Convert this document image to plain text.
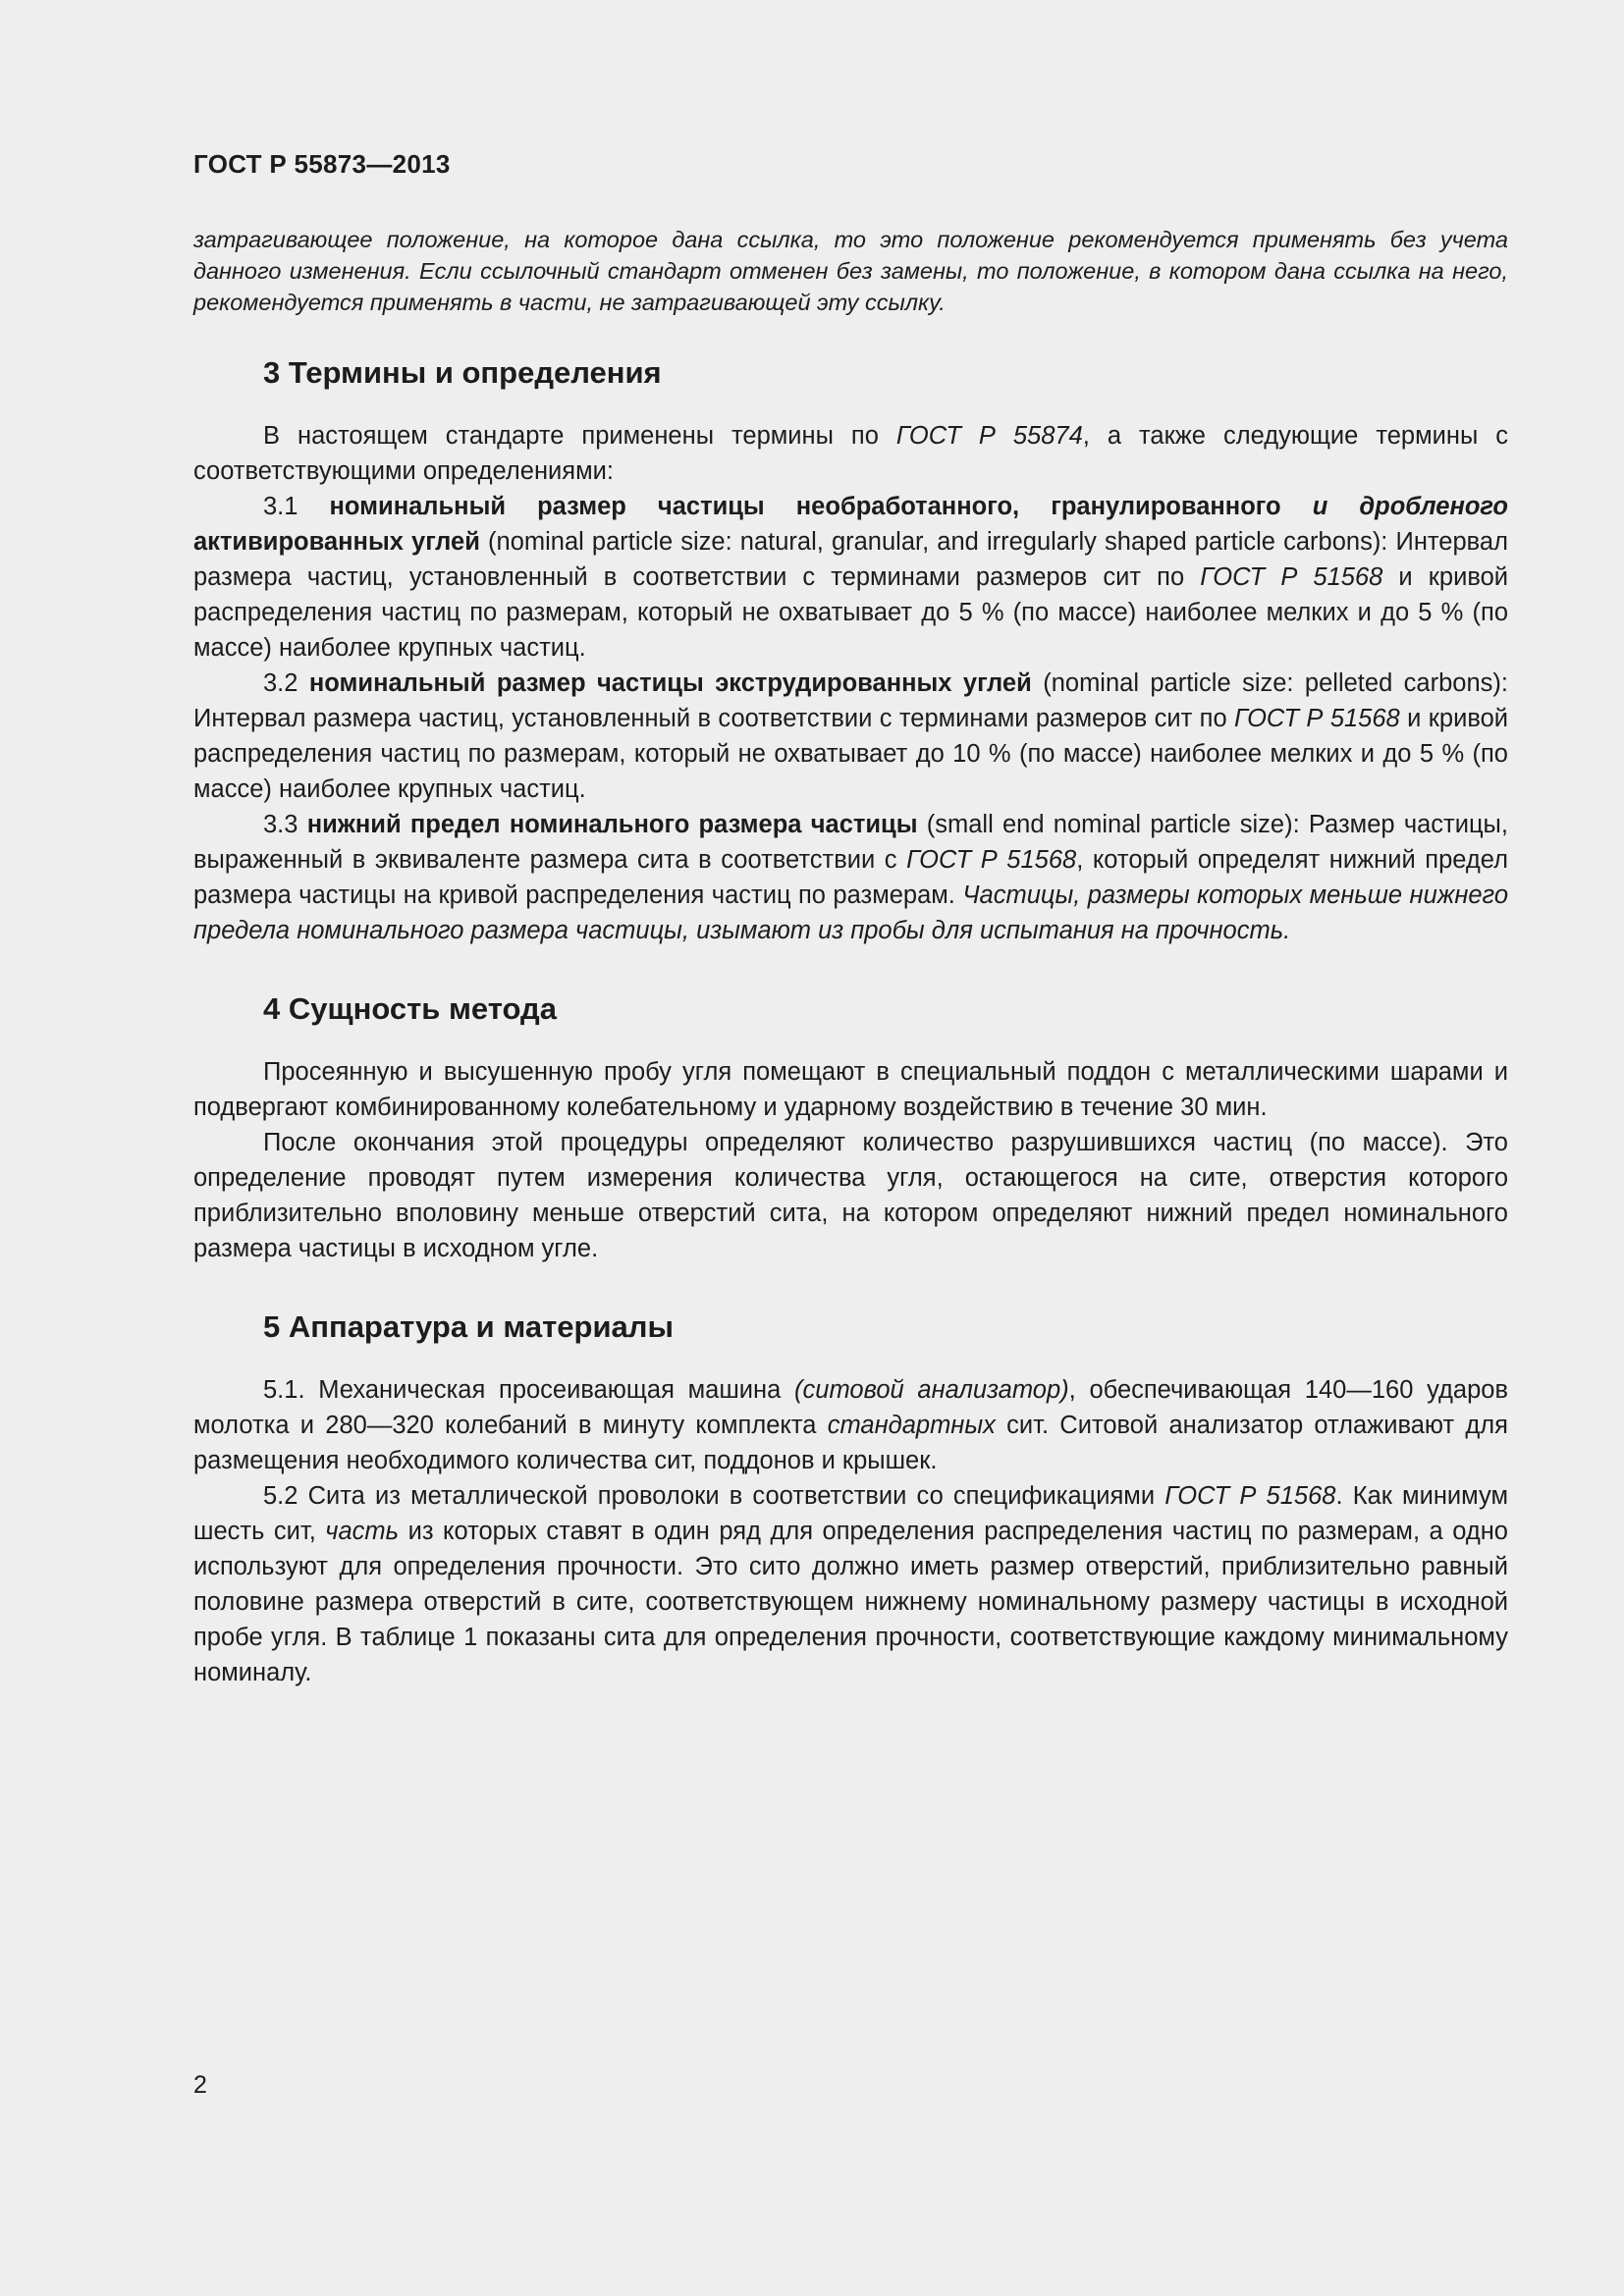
ГОСТ Р 55873—2013

затрагивающее положение, на которое дана ссылка, то это положение рекомендуется применять без учета данного изменения. Если ссылочный стандарт отменен без замены, то положение, в котором дана ссылка на него, рекомендуется применять в части, не затрагивающей эту ссылку.

3 Термины и определения

В настоящем стандарте применены термины по ГОСТ Р 55874, а также следующие термины с соответствующими определениями:

3.1 номинальный размер частицы необработанного, гранулированного и дробленого активированных углей (nominal particle size: natural, granular, and irregularly shaped particle carbons): Интервал размера частиц, установленный в соответствии с терминами размеров сит по ГОСТ Р 51568 и кривой распределения частиц по размерам, который не охватывает до 5 % (по массе) наиболее мелких и до 5 % (по массе) наиболее крупных частиц.

3.2 номинальный размер частицы экструдированных углей (nominal particle size: pelleted carbons): Интервал размера частиц, установленный в соответствии с терминами размеров сит по ГОСТ Р 51568 и кривой распределения частиц по размерам, который не охватывает до 10 % (по массе) наиболее мелких и до 5 % (по массе) наиболее крупных частиц.

3.3 нижний предел номинального размера частицы (small end nominal particle size): Размер частицы, выраженный в эквиваленте размера сита в соответствии с ГОСТ Р 51568, который определят нижний предел размера частицы на кривой распределения частиц по размерам. Частицы, размеры которых меньше нижнего предела номинального размера частицы, изымают из пробы для испытания на прочность.

4 Сущность метода

Просеянную и высушенную пробу угля помещают в специальный поддон с металлическими шарами и подвергают комбинированному колебательному и ударному воздействию в течение 30 мин.

После окончания этой процедуры определяют количество разрушившихся частиц (по массе). Это определение проводят путем измерения количества угля, остающегося на сите, отверстия которого приблизительно вполовину меньше отверстий сита, на котором определяют нижний предел номинального размера частицы в исходном угле.

5 Аппаратура и материалы

5.1. Механическая просеивающая машина (ситовой анализатор), обеспечивающая 140—160 ударов молотка и 280—320 колебаний в минуту комплекта стандартных сит. Ситовой анализатор отлаживают для размещения необходимого количества сит, поддонов и крышек.

5.2 Сита из металлической проволоки в соответствии со спецификациями ГОСТ Р 51568. Как минимум шесть сит, часть из которых ставят в один ряд для определения распределения частиц по размерам, а одно используют для определения прочности. Это сито должно иметь размер отверстий, приблизительно равный половине размера отверстий в сите, соответствующем нижнему номинальному размеру частицы в исходной пробе угля. В таблице 1 показаны сита для определения прочности, соответствующие каждому минимальному номиналу.

2
